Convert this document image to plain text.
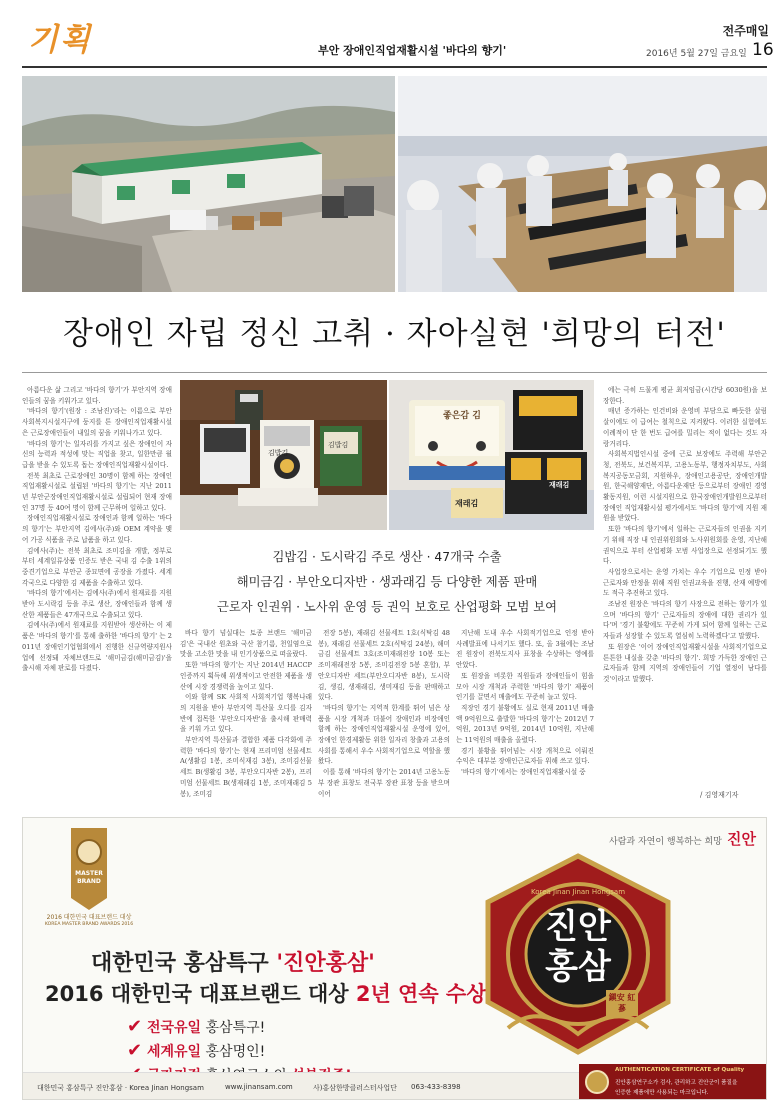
기획	부안 장애인직업재활시설 '바다의 향기'
전주매일
2016년 5월 27일 금요일 16
장애인 자립 정신 고취 · 자아실현 '희망의 터전'
김밥김
김밥김
좋은감 김
재래김
재래김
김밥김 · 도시락김 주로 생산 · 47개국 수출
해미금김 · 부안오디자반 · 생과래김 등 다양한 제품 판매
근로자 인권위 · 노사위 운영 등 권익 보호로 산업평화 모범 보여

아름다운 삶 그리고 '바다의 향기'가 부안지역 장애인들의 꿈을 키워가고 있다.

'바다의 향기'(원장 : 조남진)'라는 이름으로 부안 사회복지시설지구에 둥지를 튼 장애인직업재활시설은 근로장애인들이 내일의 꿈을 키워나가고 있다.

'바다의 향기'는 일자리를 가지고 싶은 장애인이 자신의 능력과 적성에 맞는 직업을 찾고, 일한만큼 월급을 받을 수 있도록 돕는 장애인직업재활시설이다.

전북 최초로 근로장애인 30명이 함께 하는 장애인직업재활시설로 설립된 '바다의 향기'는 지난 2011년 부안군장애인직업재활시설로 설립되어 현재 장애인 37명 등 40여 명이 함께 근무하며 일하고 있다.

장애인직업재활시설로 장애인과 함께 일하는 '바다의 향기'는 부안지역 김에사(주)와 OEM 계약을 맺어 가공 식품을 주로 납품을 하고 있다.

김에사(주)는 전북 최초로 조미김을 개발, 정부로부터 세계일류상품 인증도 받은 국내 김 수출 1위의 중견기업으로 부안군 종묘면에 공장을 가졌다. 세계 각국으로 다양한 김 제품을 수출하고 있다.

'바다의 향기'에서는 김에사(주)에서 원재료를 지원받아 도시락김 등을 주로 생산, 장애인들과 함께 생산한 제품들은 47개국으로 수출되고 있다.

김에사(주)에서 원재료를 지원받아 생산하는 이 제품은 '바다의 향기'를 통해 출하한 '바다의 향기' 는 2011년 장애인기업협회에서 진행한 신규역량지원사업에 선정돼 자체브랜드로 '해미금김(해미금김)'을 출시해 자체 판로를 다졌다.

바다 향기 넘실대는 토종 브랜드 '해미금김'은 국내산 원초와 국산 참기름, 천일염으로 맛을 고소한 맛을 내 인기상품으로 떠올랐다.

또한 '바다의 향기'는 지난 2014년 HACCP 인증까지 획득해 위생적이고 안전한 제품을 생산에 시장 경쟁력을 높이고 있다.

이와 함께 SK 사회적 사회적기업 행복나래의 지원을 받아 부안지역 특산물 오디를 김자반에 접목한 '부안오디자반'을 출시해 판매력을 키워 가고 있다.

부안지역 특산물과 결합한 제품 다각화에 주력한 '바다의 향기'는 현재 프리미엄 선물세트 A(생활김 1봉, 조미식재김 3봉), 조미김선물세트 B(생활김 3봉, 부안오디자반 2봉), 프리미엄 선물세트 B(생재래김 1봉, 조미재래김 5봉), 조미김

전장 5봉), 재래김 선물세트 1호(식탁김 48봉), 재래김 선물세트 2호(식탁김 24봉), 해미금김 선물세트 3호(조미재래전장 10봉 또는 조미재래전장 5봉, 조미김전장 5봉 혼합), 부안오디자반 세트(부안오디자반 8봉), 도시락김, 생김, 생재래김, 생미재김 등을 판매하고 있다.

'바다의 향기'는 지역적 한계를 뛰어 넘은 상품을 시장 개척과 더불어 장애인과 비장애인 함께 하는 장애인직업재활시설 운영에 있어, 장애인 한경제활동 위한 일자리 창출과 고용의 사회를 통해서 우수 사회적기업으로 역할을 했왔다.

이를 통해 '바다의 향기'는 2014년 고용노동부 장관 표창도 전국부 장관 표창 등을 받으며 이어

지난해 도내 우수 사회적기업으로 인정 받아 사례발표에 나서기도 했다. 또, 올 3월에는 조남진 원장이 전북도지사 표창을 수상하는 영예를 안았다.

또 원장을 비롯한 직원들과 장애인들이 힘을 모아 시장 개척과 주력한 '바다의 향기' 제품이 인기를 끌면서 매출에도 꾸준히 늘고 있다.

직장인 경기 불황에도 실로 현재 2011년 매출액 9억원으로 출발한 '바다의 향기'는 2012년 7억원, 2013년 9억원, 2014년 10억원, 지난해는 11억원의 매출을 올렸다.

경기 불황을 뛰어넘는 시장 개척으로 이뤄진 수익은 대부분 장애인근로자들 위해 쓰고 있다.

'바다의 향기'에서는 장애인직업재활시설 중

에는 극히 드물게 평균 최저임금(시간당 6030원)을 보장한다.

매년 증가하는 인건비와 운영비 부담으로 빠듯한 살림살이에도 이 급여는 철칙으로 지켜왔다. 이러한 실험에도 이례적이 단 한 번도 급여를 밀리는 적이 없다는 것도 자랑거리다.

사회복지법인시설 중에 근로 보장에도 주력해 부안군청, 전북도, 보건복지부, 고용노동부, 행정자치부도, 사회복지공동모금회, 지원하우, 장애인고용공단, 장애인개발원, 한국해양재단, 아름다운재단 등으로부터 장애인 경영활동지원, 이런 시설지원으로 한국장애인개발원으로부터 장애인 직업재활시설 평가에서도 '바다의 향기'에 지원 재원을 받았다.

또한 '바다의 향기'에서 일하는 근로자들의 인권을 지키기 위해 직장 내 인권위원회와 노사위원회를 운영, 지난해 권익으로 부터 산업평화 모범 사업장으로 선정되기도 했다.

사업장으로서는 운영 가치는 우수 기업으로 인정 받아 근로자와 안정을 위해 직원 인권교육을 진행, 산재 예방에도 적극 추진하고 있다.

조남진 원장은 '바다의 향기 사장으로 전하는 향기가 있으며 '바다의 향기' 근로자들의 장애에 대한 권리가 있다'며 '경기 불황에도 꾸준히 가게 되어 함께 일하는 근로자들과 성장할 수 있도록 열심히 노력하겠다'고 말했다.

또 원장은 '이어 장애인직업재활시설을 사회적기업으로 튼튼한 내실을 갖춘 '바다의 향기'. 희망 가득한 장애인 근로자들과 함께 지역의 장애인들이 기업 열정이 남다를 것'이라고 말했다.

/ 김영재기자
MASTER BRAND
2016 대한민국 대표브랜드 대상
KOREA MASTER BRAND AWARDS 2016
대한민국 홍삼특구 '진안홍삼'
2016 대한민국 대표브랜드 대상 2년 연속 수상
✔ 전국유일 홍삼특구!
✔ 세계유일 홍삼명인!
사람과 자연이 행복하는 희망 진안
Korea Jinan Jinan Hongsam
진안
홍삼
鎭安 紅蔘
대한민국 홍삼특구 진안홍삼 · Korea Jinan Hongsam	www.jinansam.com	사)홍삼한방클러스터사업단 063-433-8398
AUTHENTICATION CERTIFICATE of Quality
진안홍삼연구소가 검사, 관리하고 진안군이 품질을
인증한 제품에만 사용되는 마크입니다.
